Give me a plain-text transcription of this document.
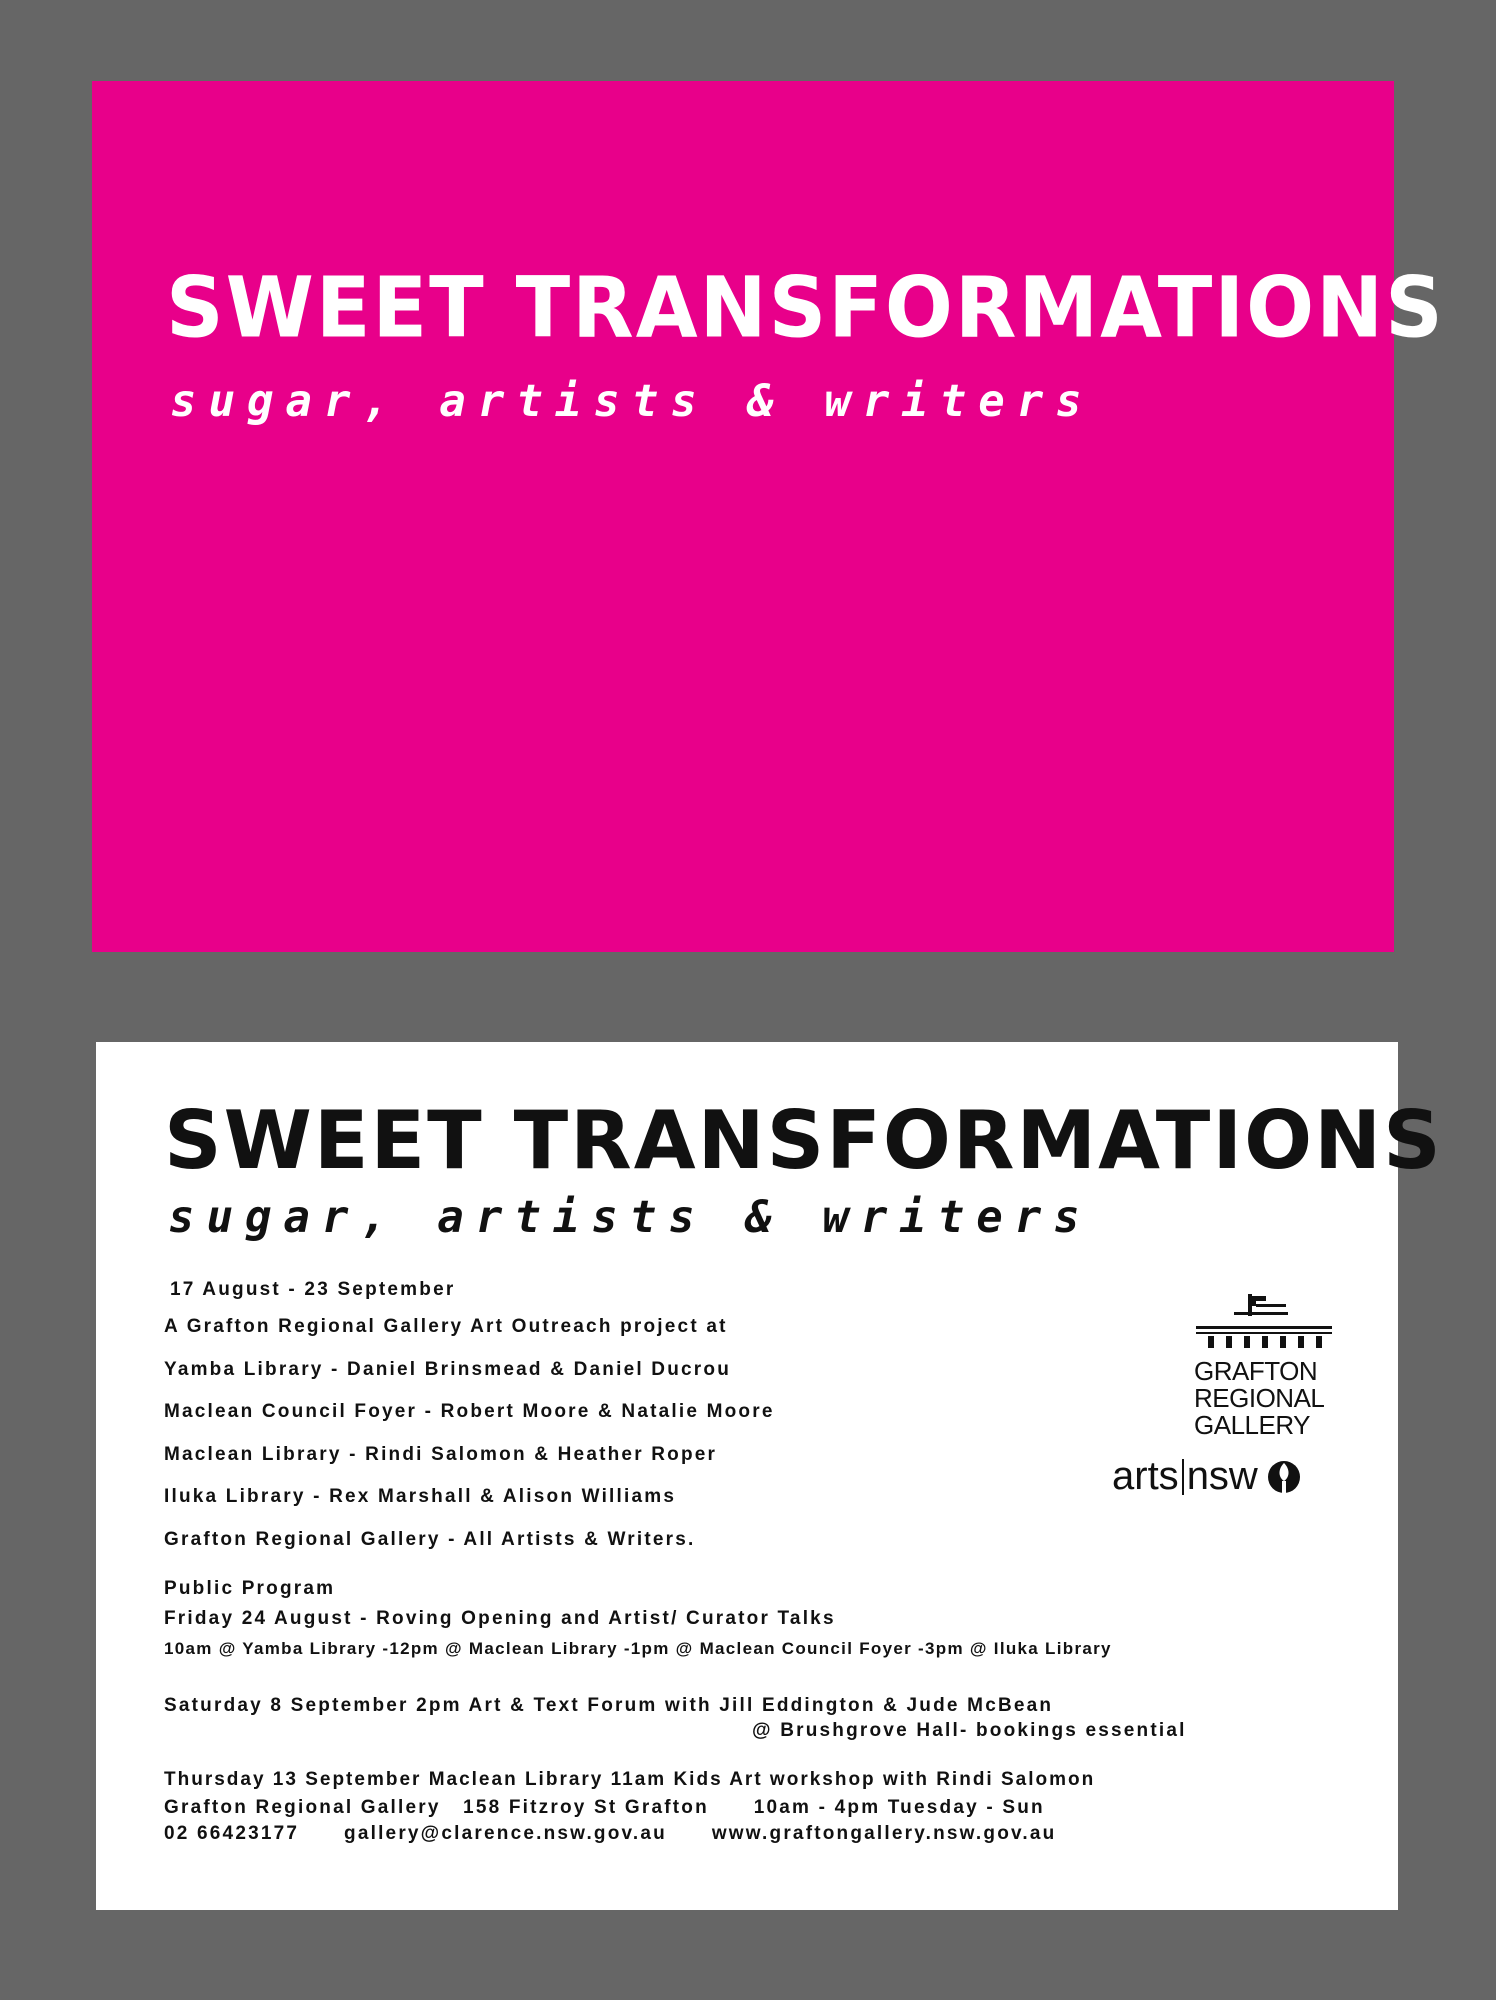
SWEET TRANSFORMATIONS
sugar, artists & writers
SWEET TRANSFORMATIONS
sugar, artists & writers
17 August - 23 September
A Grafton Regional Gallery Art Outreach project at
Yamba Library - Daniel Brinsmead & Daniel Ducrou
Maclean Council Foyer - Robert Moore & Natalie Moore
Maclean Library - Rindi Salomon & Heather Roper
Iluka Library - Rex Marshall & Alison Williams
Grafton Regional Gallery - All Artists & Writers.
Public Program
Friday 24 August - Roving Opening and Artist/ Curator Talks
10am @ Yamba Library -12pm @ Maclean Library -1pm @ Maclean Council Foyer -3pm @ Iluka Library
Saturday 8 September 2pm Art & Text Forum with Jill Eddington & Jude McBean
@ Brushgrove Hall- bookings essential
Thursday 13 September Maclean Library 11am Kids Art workshop with Rindi Salomon
Grafton Regional Gallery   158 Fitzroy St Grafton      10am - 4pm Tuesday - Sun
02 66423177      gallery@clarence.nsw.gov.au      www.graftongallery.nsw.gov.au
GRAFTON
REGIONAL
GALLERY
arts nsw
